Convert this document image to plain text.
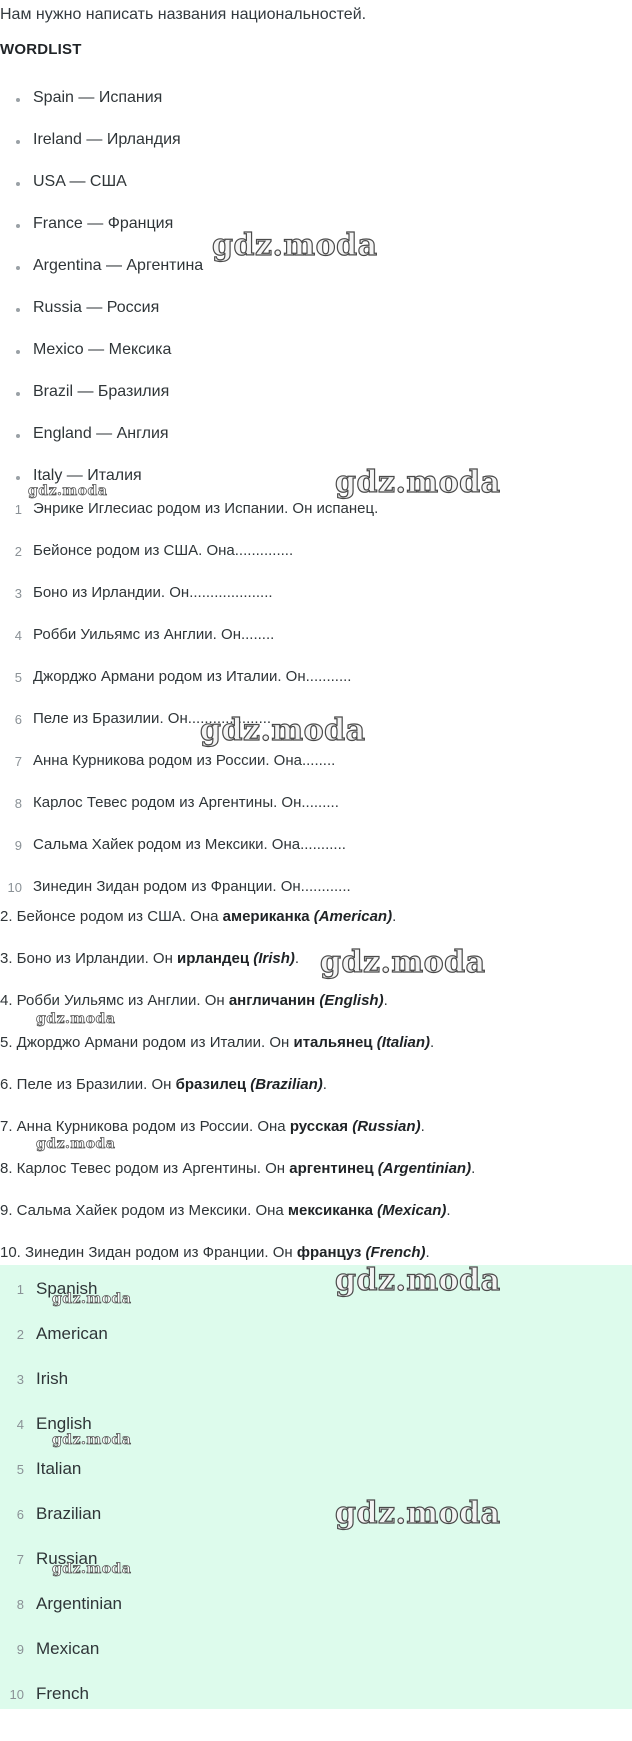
Нам нужно написать названия национальностей.
WORDLIST
Spain — Испания
Ireland — Ирландия
USA — США
France — Франция
Argentina — Аргентина
Russia — Россия
Mexico — Мексика
Brazil — Бразилия
England — Англия
Italy — Италия
1 Энрике Иглесиас родом из Испании. Он испанец.
2 Бейонсе родом из США. Она..............
3 Боно из Ирландии. Он....................
4 Робби Уильямс из Англии. Он........
5 Джорджо Армани родом из Италии. Он...........
6 Пеле из Бразилии. Он....................
7 Анна Курникова родом из России. Она........
8 Карлос Тевес родом из Аргентины. Он.........
9 Сальма Хайек родом из Мексики. Она...........
10 Зинедин Зидан родом из Франции. Он............
2. Бейонсе родом из США. Она американка (American).
3. Боно из Ирландии. Он ирландец (Irish).
4. Робби Уильямс из Англии. Он англичанин (English).
5. Джорджо Армани родом из Италии. Он итальянец (Italian).
6. Пеле из Бразилии. Он бразилец (Brazilian).
7. Анна Курникова родом из России. Она русская (Russian).
8. Карлос Тевес родом из Аргентины. Он аргентинец (Argentinian).
9. Сальма Хайек родом из Мексики. Она мексиканка (Mexican).
10. Зинедин Зидан родом из Франции. Он француз (French).
1 Spanish
2 American
3 Irish
4 English
5 Italian
6 Brazilian
7 Russian
8 Argentinian
9 Mexican
10 French
gdz.moda
gdz.moda
gdz.moda
gdz.moda
gdz.moda
gdz.moda
gdz.moda
gdz.moda
gdz.moda
gdz.moda
gdz.moda
gdz.moda
